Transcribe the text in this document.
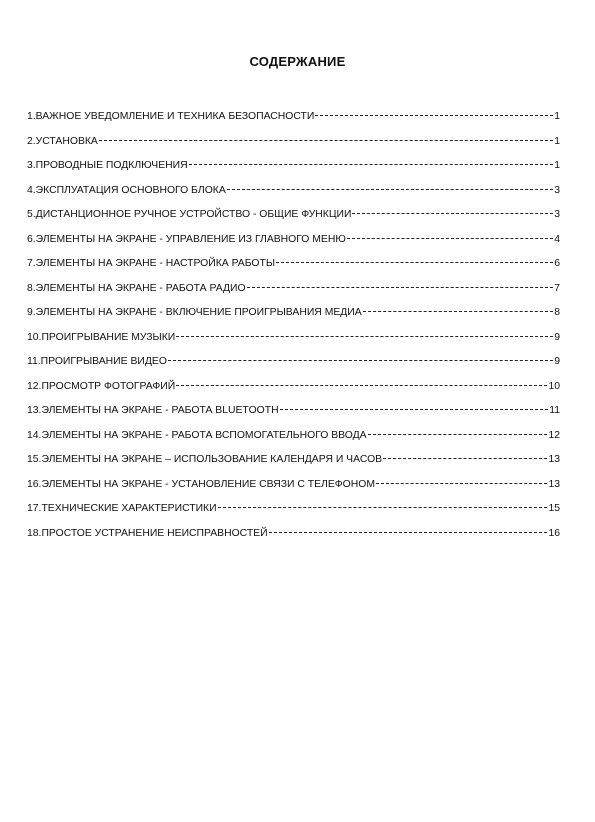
СОДЕРЖАНИЕ
1.ВАЖНОЕ УВЕДОМЛЕНИЕ И ТЕХНИКА БЕЗОПАСНОСТИ	1
2.УСТАНОВКА	1
3.ПРОВОДНЫЕ ПОДКЛЮЧЕНИЯ	1
4.ЭКСПЛУАТАЦИЯ ОСНОВНОГО БЛОКА	3
5.ДИСТАНЦИОННОЕ РУЧНОЕ УСТРОЙСТВО - ОБЩИЕ ФУНКЦИИ	3
6.ЭЛЕМЕНТЫ НА ЭКРАНЕ - УПРАВЛЕНИЕ ИЗ ГЛАВНОГО МЕНЮ	4
7.ЭЛЕМЕНТЫ НА ЭКРАНЕ - НАСТРОЙКА РАБОТЫ	6
8.ЭЛЕМЕНТЫ НА ЭКРАНЕ - РАБОТА РАДИО	7
9.ЭЛЕМЕНТЫ НА ЭКРАНЕ - ВКЛЮЧЕНИЕ ПРОИГРЫВАНИЯ МЕДИА	8
10.ПРОИГРЫВАНИЕ МУЗЫКИ	9
11.ПРОИГРЫВАНИЕ ВИДЕО	9
12.ПРОСМОТР ФОТОГРАФИЙ	10
13.ЭЛЕМЕНТЫ НА ЭКРАНЕ - РАБОТА BLUETOOTH	11
14.ЭЛЕМЕНТЫ НА ЭКРАНЕ - РАБОТА ВСПОМОГАТЕЛЬНОГО ВВОДА	12
15.ЭЛЕМЕНТЫ НА ЭКРАНЕ – ИСПОЛЬЗОВАНИЕ КАЛЕНДАРЯ И ЧАСОВ	13
16.ЭЛЕМЕНТЫ НА ЭКРАНЕ - УСТАНОВЛЕНИЕ СВЯЗИ С ТЕЛЕФОНОМ	13
17.ТЕХНИЧЕСКИЕ ХАРАКТЕРИСТИКИ	15
18.ПРОСТОЕ УСТРАНЕНИЕ НЕИСПРАВНОСТЕЙ	16
